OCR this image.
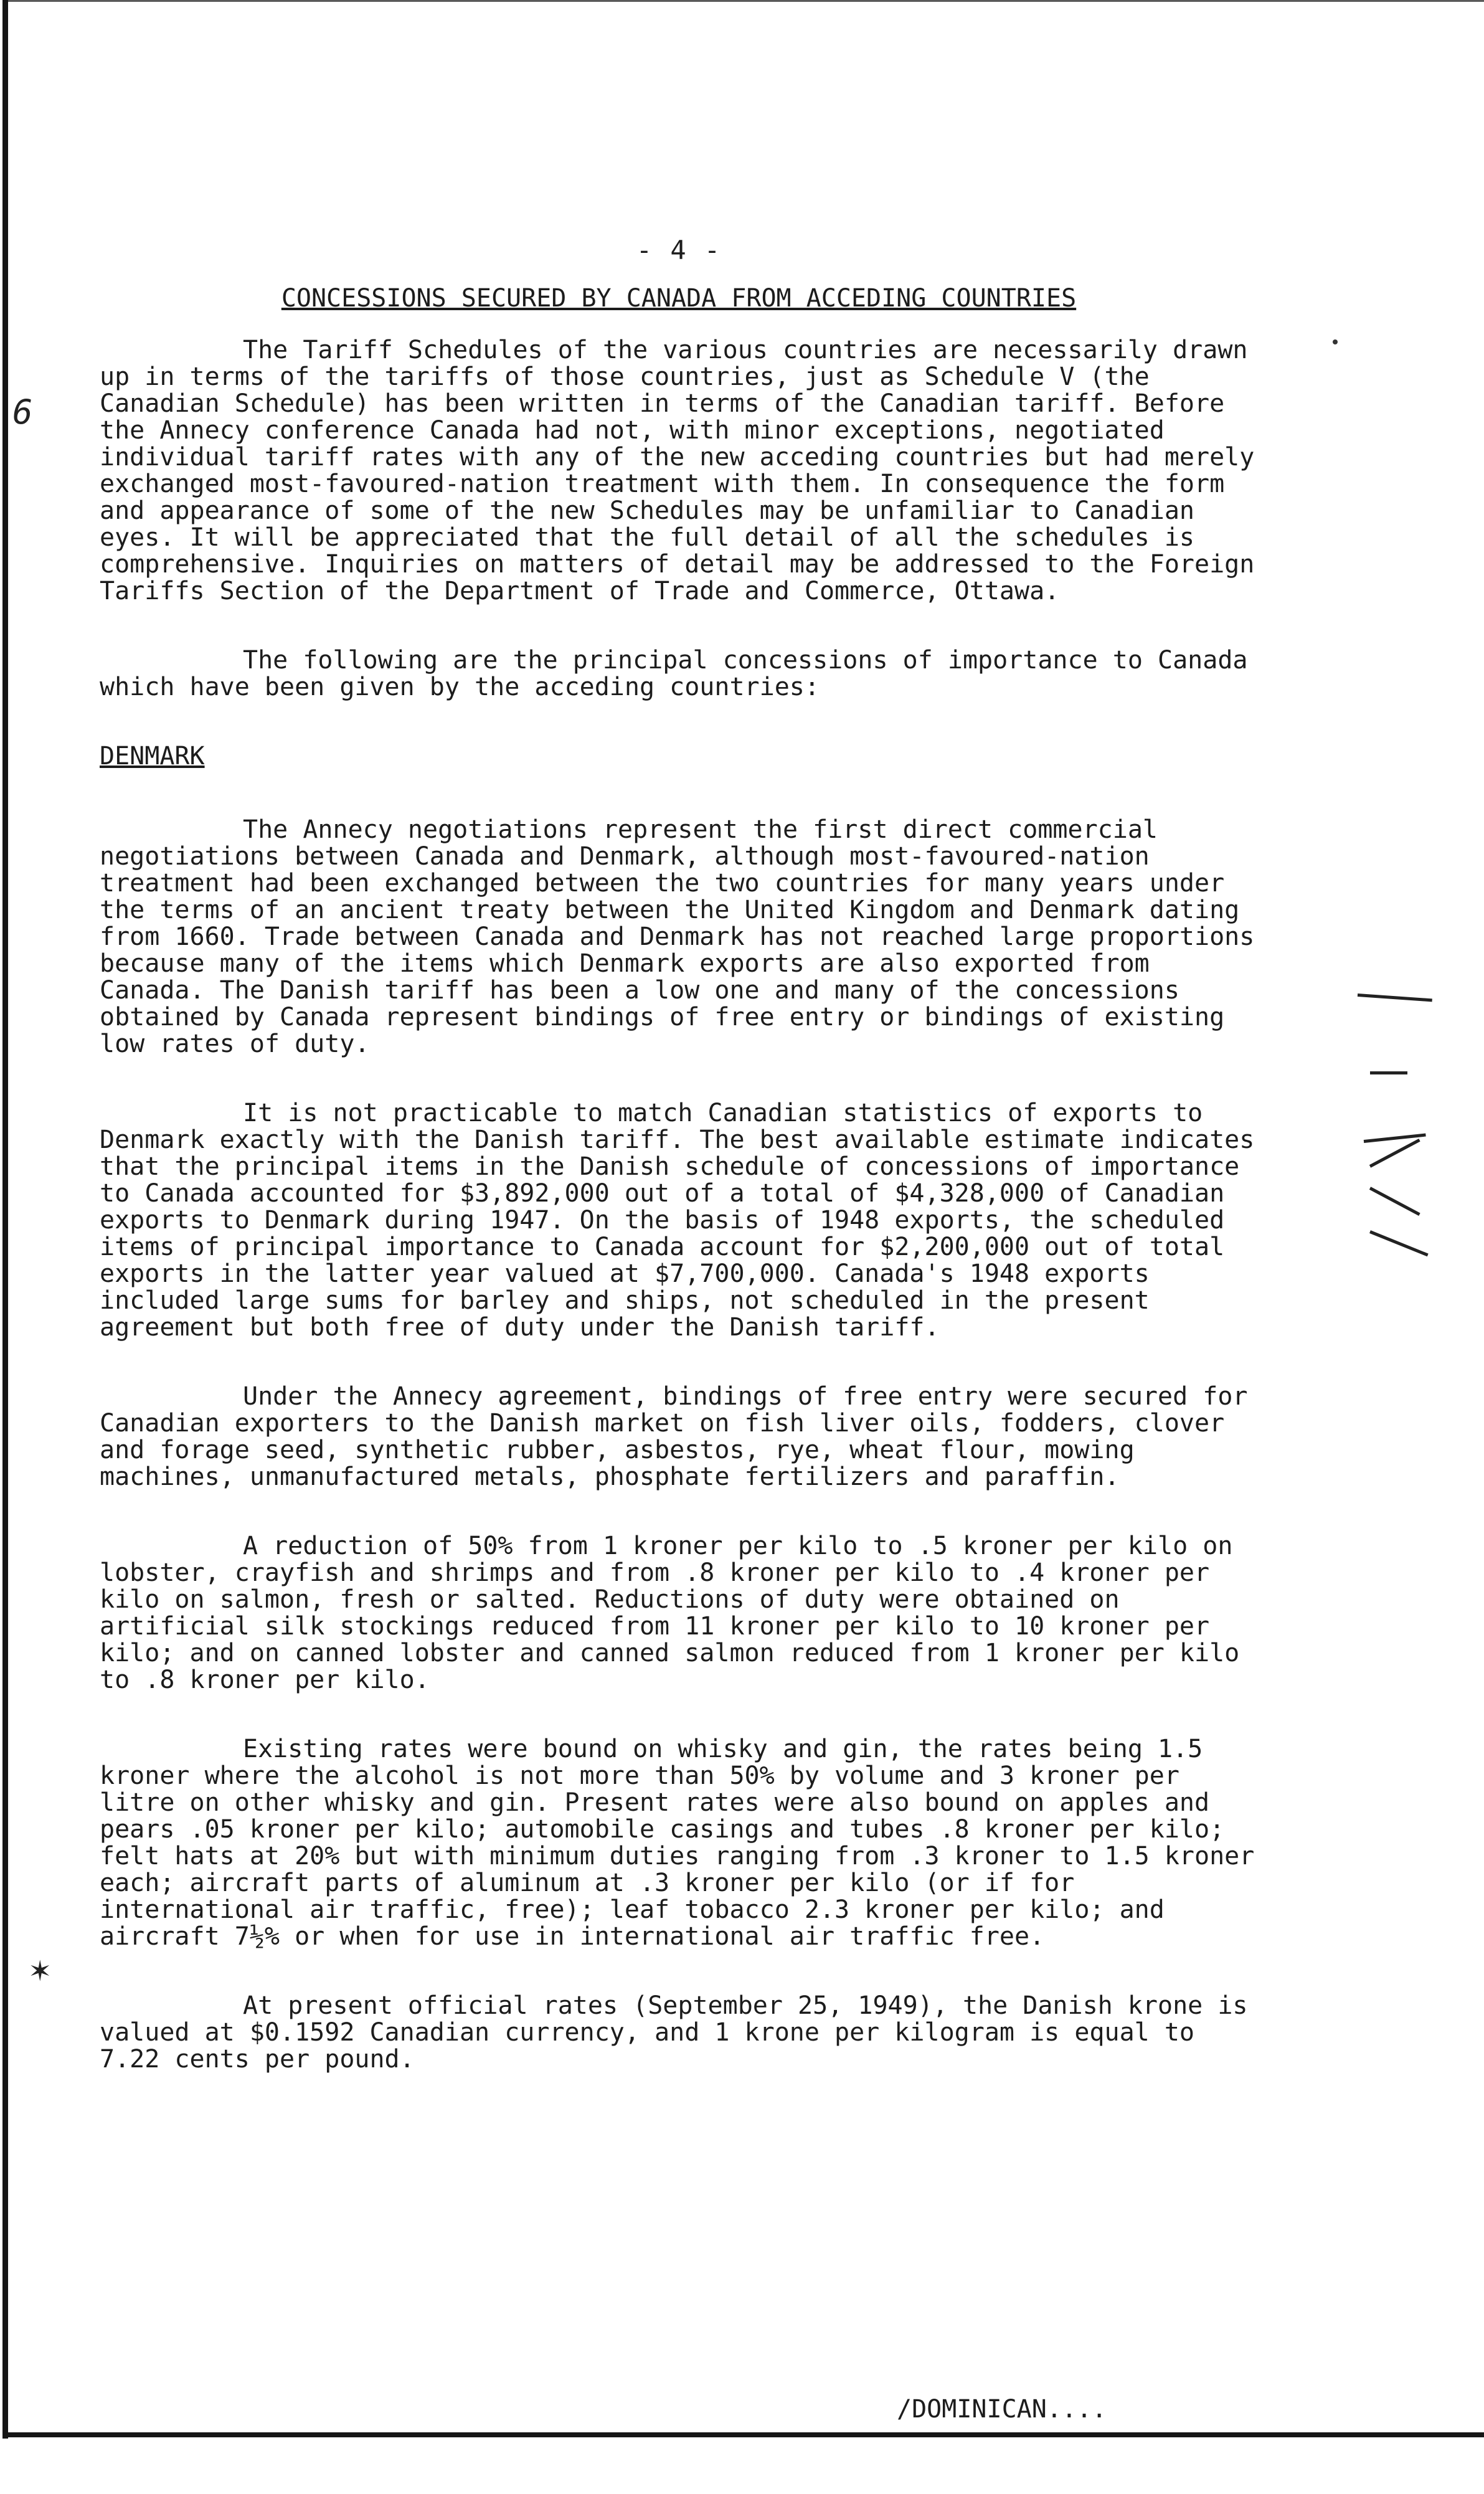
6
✶
- 4 -
CONCESSIONS SECURED BY CANADA FROM ACCEDING COUNTRIES

The Tariff Schedules of the various countries are necessarily drawn up in terms of the tariffs of those countries, just as Schedule V (the Canadian Schedule) has been written in terms of the Canadian tariff. Before the Annecy conference Canada had not, with minor exceptions, negotiated individual tariff rates with any of the new acceding countries but had merely exchanged most-favoured-nation treatment with them. In consequence the form and appearance of some of the new Schedules may be unfamiliar to Canadian eyes. It will be appreciated that the full detail of all the schedules is comprehensive. Inquiries on matters of detail may be addressed to the Foreign Tariffs Section of the Department of Trade and Commerce, Ottawa.

The following are the principal concessions of importance to Canada which have been given by the acceding countries:

DENMARK

The Annecy negotiations represent the first direct commercial negotiations between Canada and Denmark, although most-favoured-nation treatment had been exchanged between the two countries for many years under the terms of an ancient treaty between the United Kingdom and Denmark dating from 1660. Trade between Canada and Denmark has not reached large proportions because many of the items which Denmark exports are also exported from Canada. The Danish tariff has been a low one and many of the concessions obtained by Canada represent bindings of free entry or bindings of existing low rates of duty.

It is not practicable to match Canadian statistics of exports to Denmark exactly with the Danish tariff. The best available estimate indicates that the principal items in the Danish schedule of concessions of importance to Canada accounted for $3,892,000 out of a total of $4,328,000 of Canadian exports to Denmark during 1947. On the basis of 1948 exports, the scheduled items of principal importance to Canada account for $2,200,000 out of total exports in the latter year valued at $7,700,000. Canada's 1948 exports included large sums for barley and ships, not scheduled in the present agreement but both free of duty under the Danish tariff.

Under the Annecy agreement, bindings of free entry were secured for Canadian exporters to the Danish market on fish liver oils, fodders, clover and forage seed, synthetic rubber, asbestos, rye, wheat flour, mowing machines, unmanufactured metals, phosphate fertilizers and paraffin.

A reduction of 50% from 1 kroner per kilo to .5 kroner per kilo on lobster, crayfish and shrimps and from .8 kroner per kilo to .4 kroner per kilo on salmon, fresh or salted. Reductions of duty were obtained on artificial silk stockings reduced from 11 kroner per kilo to 10 kroner per kilo; and on canned lobster and canned salmon reduced from 1 kroner per kilo to .8 kroner per kilo.

Existing rates were bound on whisky and gin, the rates being 1.5 kroner where the alcohol is not more than 50% by volume and 3 kroner per litre on other whisky and gin. Present rates were also bound on apples and pears .05 kroner per kilo; automobile casings and tubes .8 kroner per kilo; felt hats at 20% but with minimum duties ranging from .3 kroner to 1.5 kroner each; aircraft parts of aluminum at .3 kroner per kilo (or if for international air traffic, free); leaf tobacco 2.3 kroner per kilo; and aircraft 7½% or when for use in international air traffic free.

At present official rates (September 25, 1949), the Danish krone is valued at $0.1592 Canadian currency, and 1 krone per kilogram is equal to 7.22 cents per pound.

/DOMINICAN....
